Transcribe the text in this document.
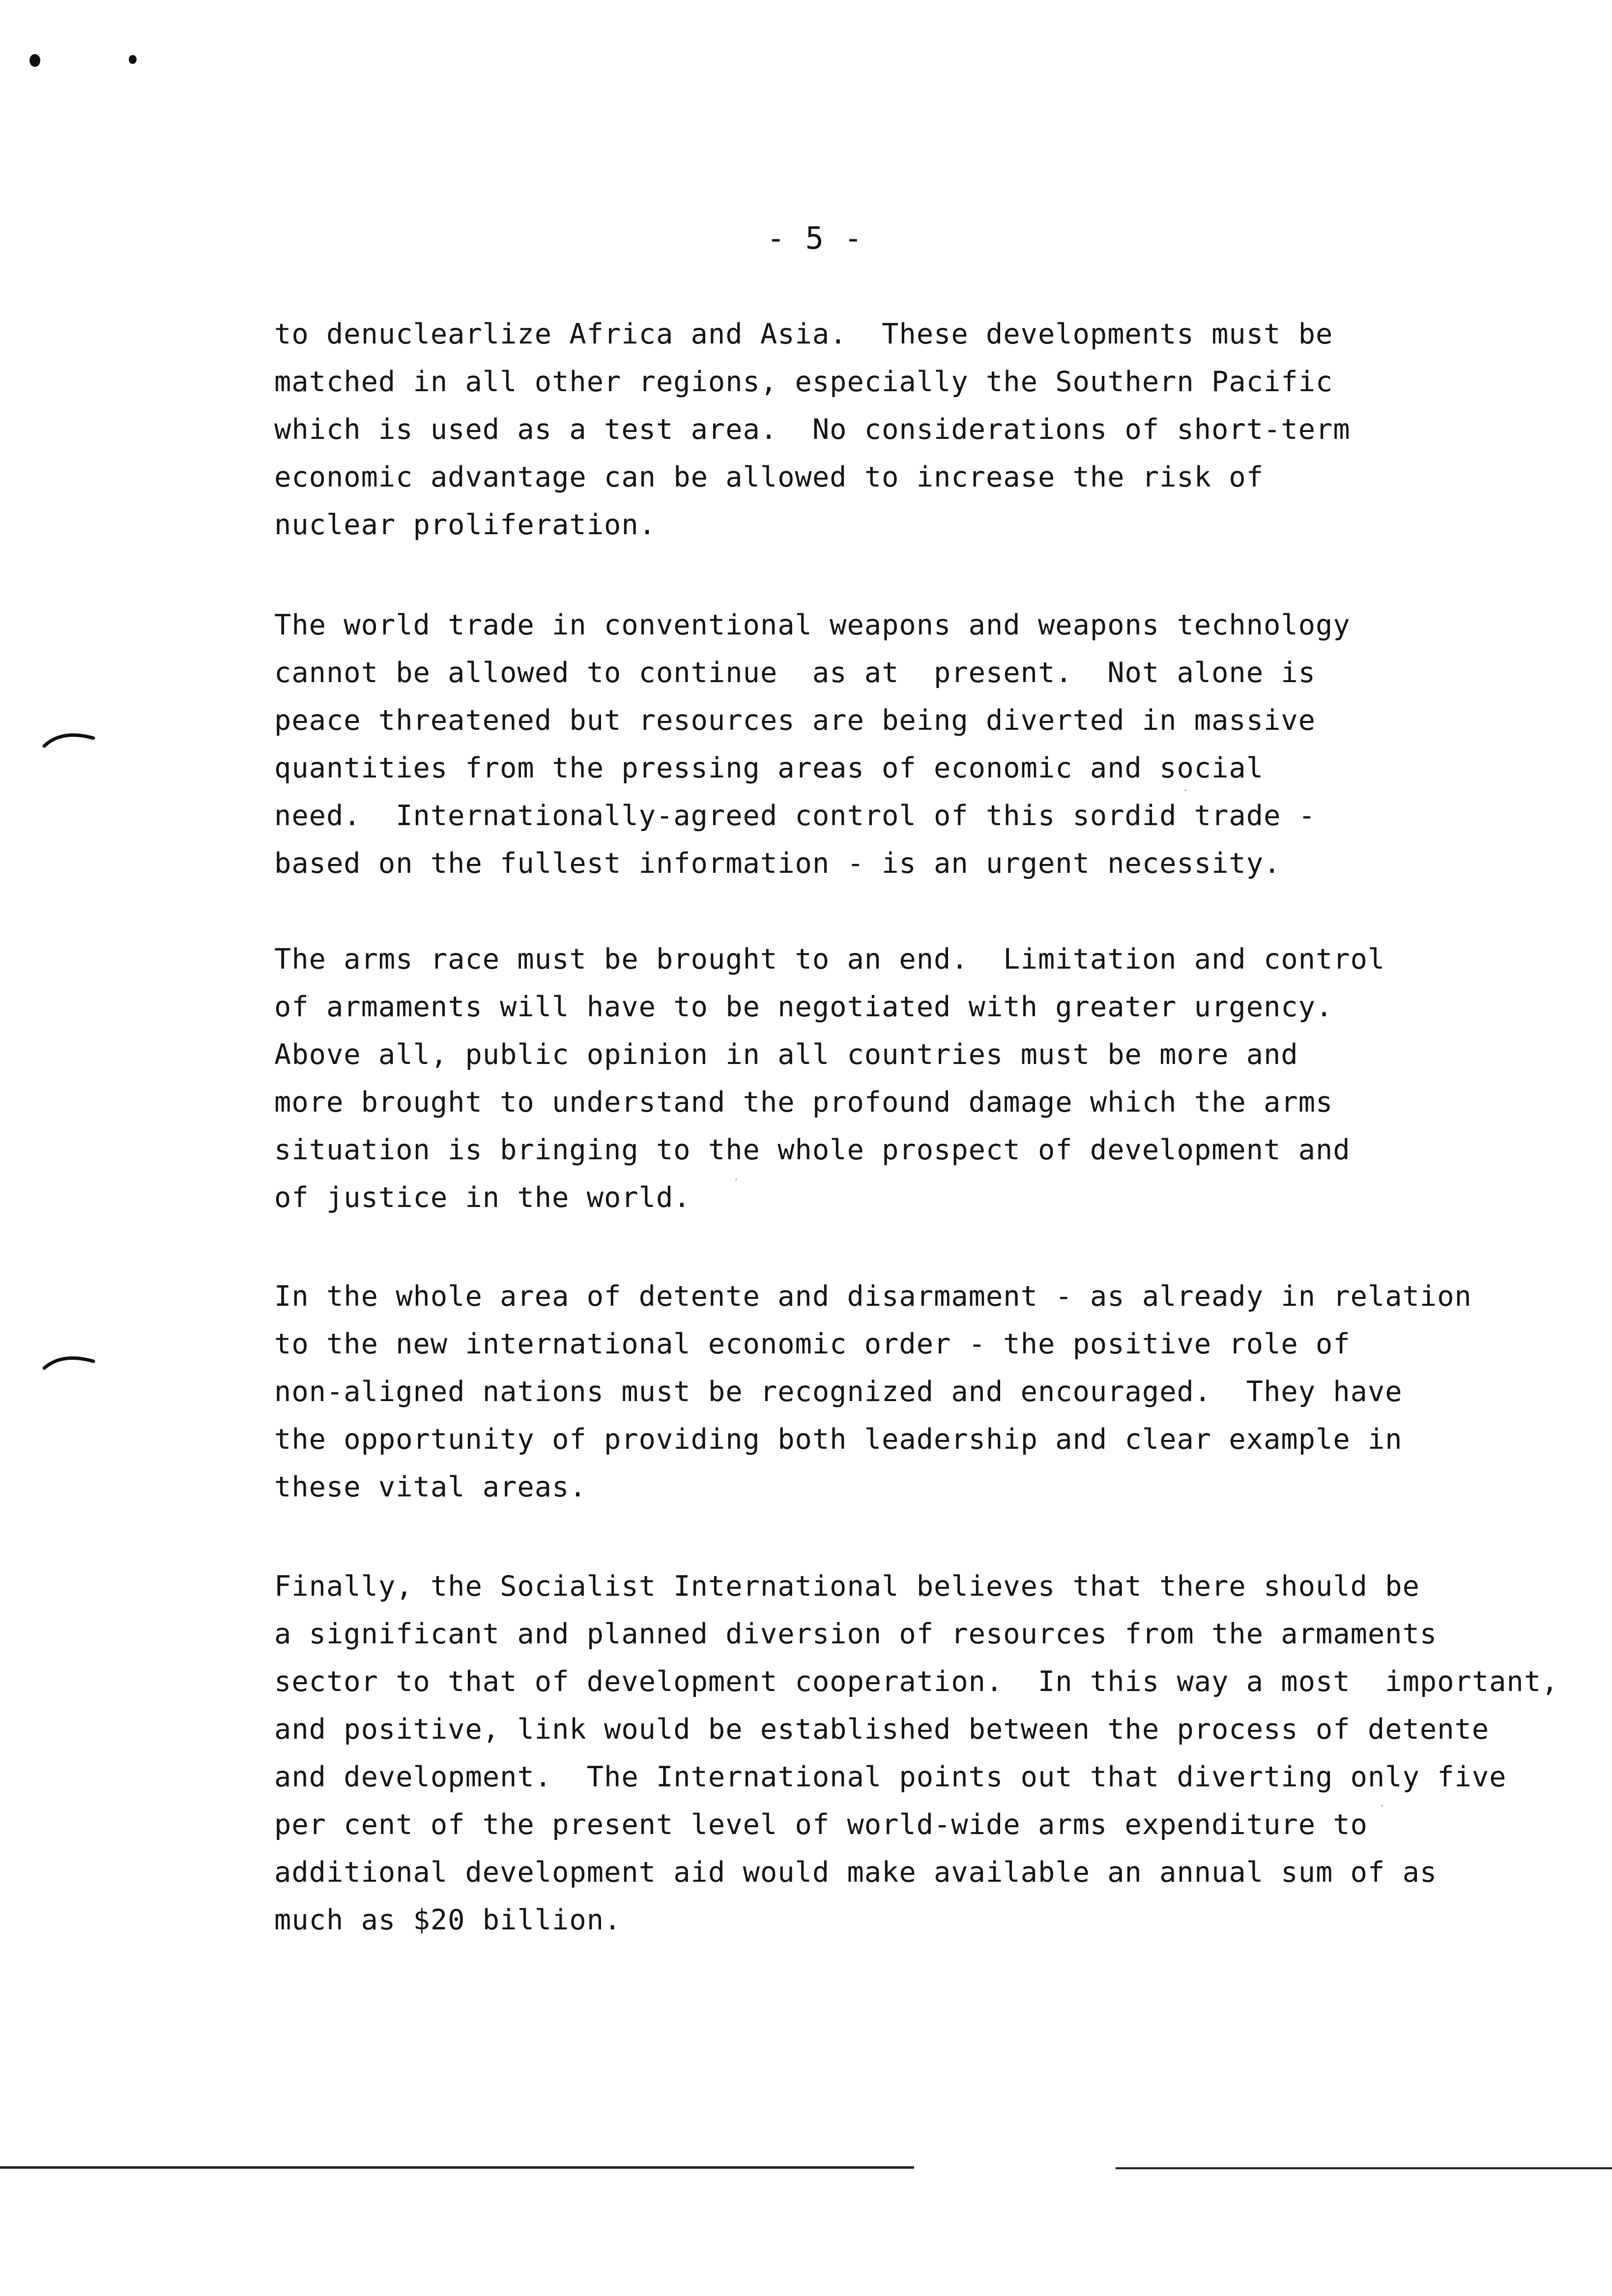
- 5 -
to denuclearlize Africa and Asia.  These developments must be
matched in all other regions, especially the Southern Pacific
which is used as a test area.  No considerations of short-term
economic advantage can be allowed to increase the risk of
nuclear proliferation.
The world trade in conventional weapons and weapons technology
cannot be allowed to continue  as at  present.  Not alone is
peace threatened but resources are being diverted in massive
quantities from the pressing areas of economic and social
need.  Internationally-agreed control of this sordid trade -
based on the fullest information - is an urgent necessity.
The arms race must be brought to an end.  Limitation and control
of armaments will have to be negotiated with greater urgency.
Above all, public opinion in all countries must be more and
more brought to understand the profound damage which the arms
situation is bringing to the whole prospect of development and
of justice in the world.
In the whole area of detente and disarmament - as already in relation
to the new international economic order - the positive role of
non-aligned nations must be recognized and encouraged.  They have
the opportunity of providing both leadership and clear example in
these vital areas.
Finally, the Socialist International believes that there should be
a significant and planned diversion of resources from the armaments
sector to that of development cooperation.  In this way a most  important,
and positive, link would be established between the process of detente
and development.  The International points out that diverting only five
per cent of the present level of world-wide arms expenditure to
additional development aid would make available an annual sum of as
much as $20 billion.
